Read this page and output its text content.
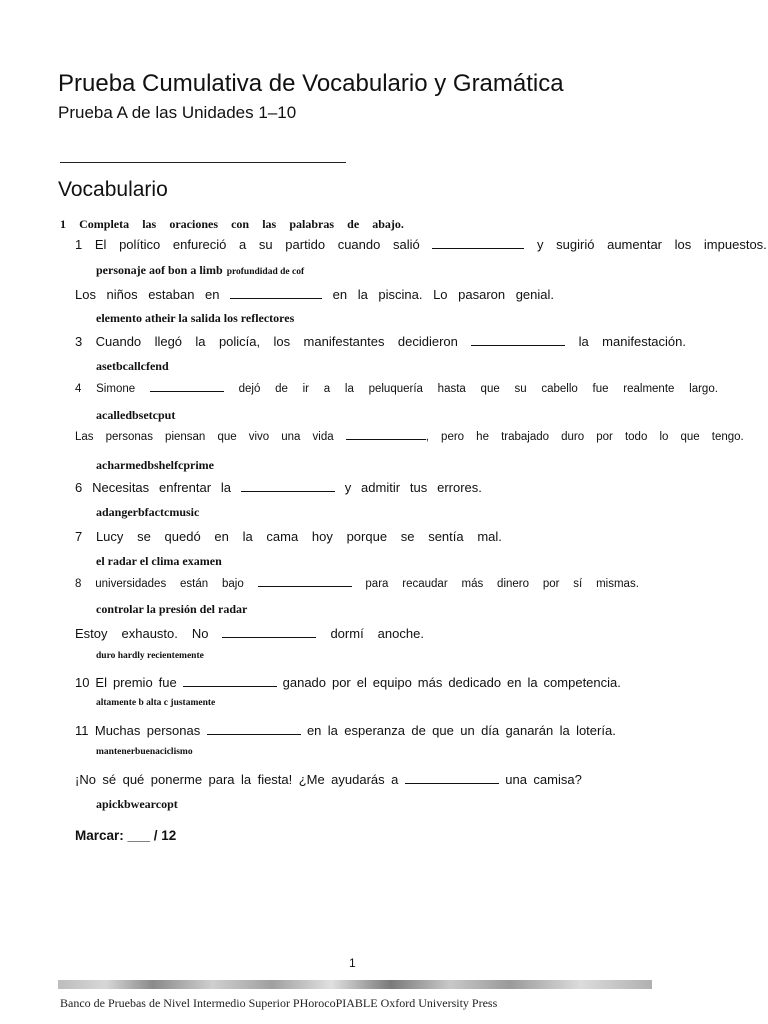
Prueba Cumulativa de Vocabulario y Gramática
Prueba A de las Unidades 1–10
Vocabulario
1 Completa las oraciones con las palabras de abajo.
1 El político enfureció a su partido cuando salió	y sugirió aumentar los impuestos.
personaje aof bon a limb profundidad de cof
Los niños estaban en	en la piscina. Lo pasaron genial.
elemento atheir la salida los reflectores
3 Cuando llegó la policía, los manifestantes decidieron	la manifestación.
asetbcallcfend
4 Simone	dejó de ir a la peluquería hasta que su cabello fue realmente largo.
acalledbsetcput
Las personas piensan que vivo una vida	, pero he trabajado duro por todo lo que tengo.
acharmedbshelfcprime
6 Necesitas enfrentar la	y admitir tus errores.
adangerbfactcmusic
7 Lucy se quedó en la cama hoy porque se sentía mal.
el radar el clima examen
8 universidades están bajo	para recaudar más dinero por sí mismas.
controlar la presión del radar
Estoy exhausto. No	dormí anoche.
duro hardly recientemente
10 El premio fue	ganado por el equipo más dedicado en la competencia.
altamente b alta c justamente
11 Muchas personas	en la esperanza de que un día ganarán la lotería.
mantenerbuenaciclismo
¡No sé qué ponerme para la fiesta! ¿Me ayudarás a	una camisa?
apickbwearcopt
Marcar: ___ / 12
1
Banco de Pruebas de Nivel Intermedio Superior PHorocoPIABLE Oxford University Press
